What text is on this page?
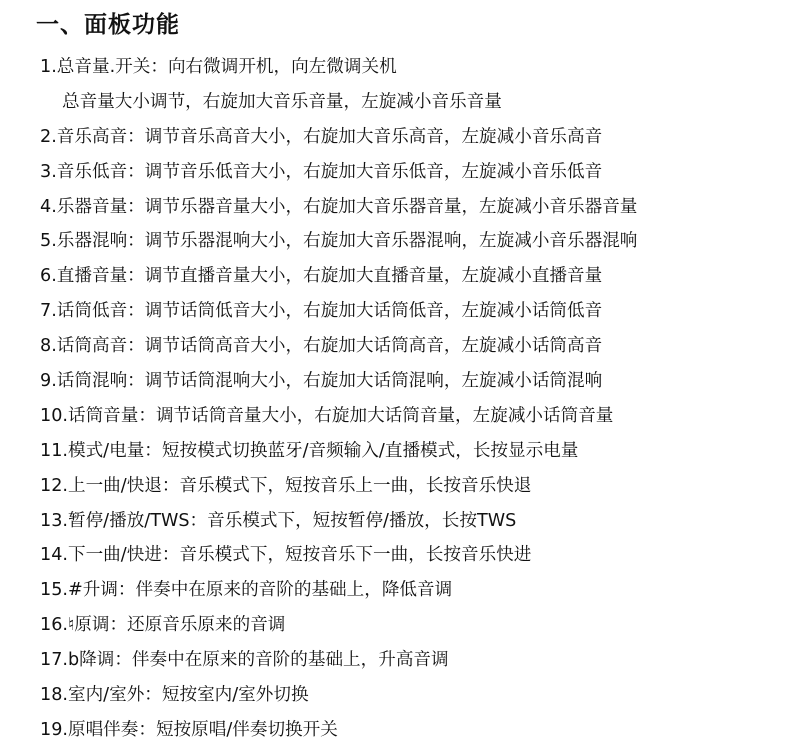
一、面板功能
1.总音量.开关：向右微调开机，向左微调关机
总音量大小调节，右旋加大音乐音量，左旋减小音乐音量
2.音乐高音：调节音乐高音大小，右旋加大音乐高音，左旋减小音乐高音
3.音乐低音：调节音乐低音大小，右旋加大音乐低音，左旋减小音乐低音
4.乐器音量：调节乐器音量大小，右旋加大音乐器音量，左旋减小音乐器音量
5.乐器混响：调节乐器混响大小，右旋加大音乐器混响，左旋减小音乐器混响
6.直播音量：调节直播音量大小，右旋加大直播音量，左旋减小直播音量
7.话筒低音：调节话筒低音大小，右旋加大话筒低音，左旋减小话筒低音
8.话筒高音：调节话筒高音大小，右旋加大话筒高音，左旋减小话筒高音
9.话筒混响：调节话筒混响大小，右旋加大话筒混响，左旋减小话筒混响
10.话筒音量：调节话筒音量大小，右旋加大话筒音量，左旋减小话筒音量
11.模式/电量：短按模式切换蓝牙/音频输入/直播模式，长按显示电量
12.上一曲/快退：音乐模式下，短按音乐上一曲，长按音乐快退
13.暂停/播放/TWS：音乐模式下，短按暂停/播放，长按TWS
14.下一曲/快进：音乐模式下，短按音乐下一曲，长按音乐快进
15.#升调：伴奏中在原来的音阶的基础上，降低音调
16.♮原调：还原音乐原来的音调
17.b降调：伴奏中在原来的音阶的基础上，升高音调
18.室内/室外：短按室内/室外切换
19.原唱伴奏：短按原唱/伴奏切换开关
